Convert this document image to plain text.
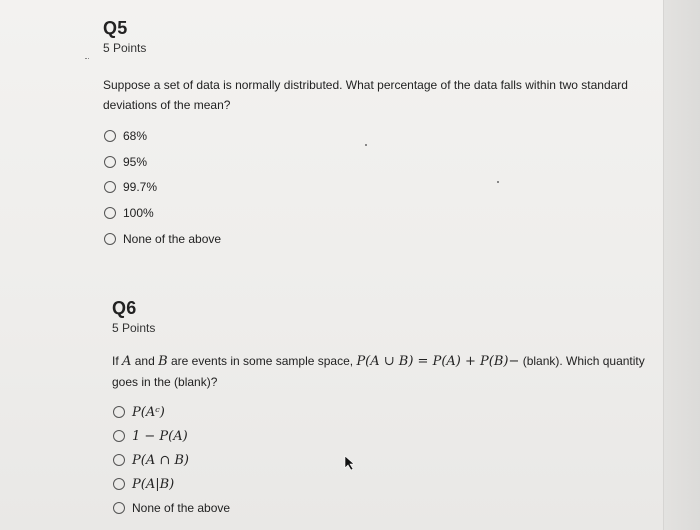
Q5
5 Points
Suppose a set of data is normally distributed. What percentage of the data falls within two standard deviations of the mean?
68%
95%
99.7%
100%
None of the above
Q6
5 Points
If A and B are events in some sample space, P(A ∪ B) = P(A) + P(B)− (blank). Which quantity goes in the (blank)?
P(Aᶜ)
1 − P(A)
P(A ∩ B)
P(A|B)
None of the above
